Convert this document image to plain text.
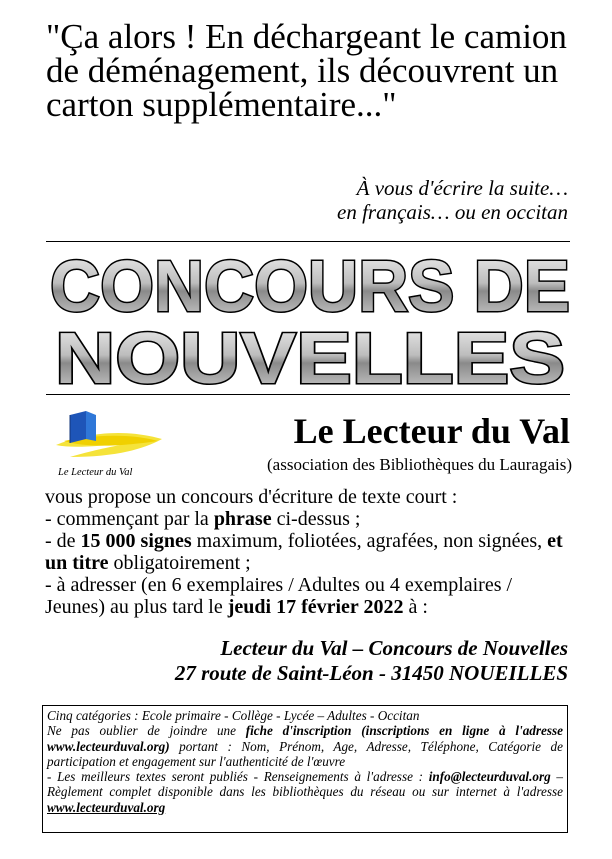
"Ça alors ! En déchargeant le camion de déménagement, ils découvrent un carton supplémentaire..."
À vous d'écrire la suite…
en français… ou en occitan
CONCOURS DE
NOUVELLES
Le Lecteur du Val
Le Lecteur du Val
(association des Bibliothèques du Lauragais)

vous propose un concours d'écriture de texte court :

- commençant par la phrase ci-dessus ;

- de 15 000 signes maximum, foliotées, agrafées, non signées, et un titre obligatoirement ;

- à adresser (en 6 exemplaires / Adultes ou 4 exemplaires / Jeunes) au plus tard le jeudi 17 février 2022 à :

Lecteur du Val – Concours de Nouvelles
27 route de Saint-Léon - 31450 NOUEILLES

Cinq catégories : Ecole primaire - Collège - Lycée – Adultes - Occitan

Ne pas oublier de joindre une fiche d'inscription (inscriptions en ligne à l'adresse www.lecteurduval.org) portant : Nom, Prénom, Age, Adresse, Téléphone, Catégorie de participation et engagement sur l'authenticité de l'œuvre

- Les meilleurs textes seront publiés - Renseignements à l'adresse : info@lecteurduval.org – Règlement complet disponible dans les bibliothèques du réseau ou sur internet à l'adresse www.lecteurduval.org
